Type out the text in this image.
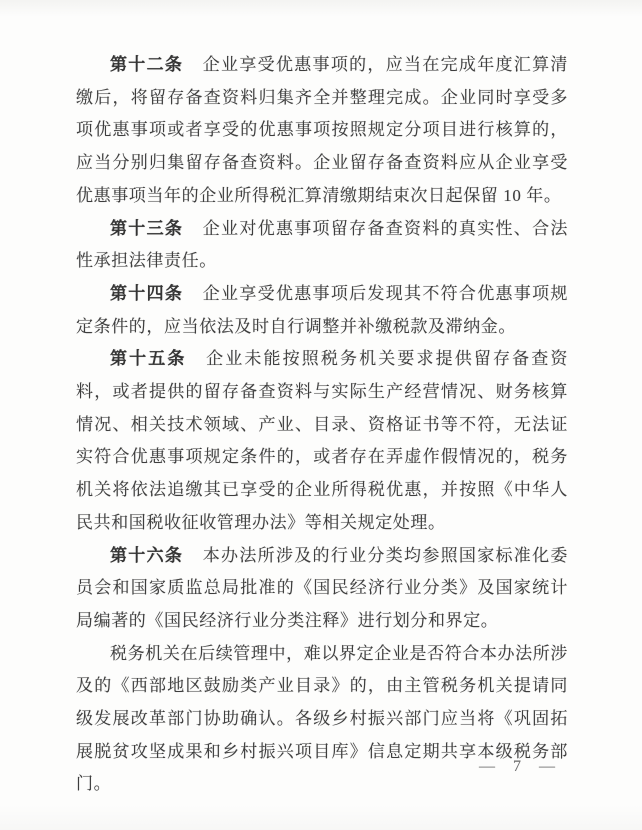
第十二条 企业享受优惠事项的，应当在完成年度汇算清缴后，将留存备查资料归集齐全并整理完成。企业同时享受多项优惠事项或者享受的优惠事项按照规定分项目进行核算的，应当分别归集留存备查资料。企业留存备查资料应从企业享受优惠事项当年的企业所得税汇算清缴期结束次日起保留 10 年。

第十三条 企业对优惠事项留存备查资料的真实性、合法性承担法律责任。

第十四条 企业享受优惠事项后发现其不符合优惠事项规定条件的，应当依法及时自行调整并补缴税款及滞纳金。

第十五条 企业未能按照税务机关要求提供留存备查资料，或者提供的留存备查资料与实际生产经营情况、财务核算情况、相关技术领域、产业、目录、资格证书等不符，无法证实符合优惠事项规定条件的，或者存在弄虚作假情况的，税务机关将依法追缴其已享受的企业所得税优惠，并按照《中华人民共和国税收征收管理办法》等相关规定处理。

第十六条 本办法所涉及的行业分类均参照国家标准化委员会和国家质监总局批准的《国民经济行业分类》及国家统计局编著的《国民经济行业分类注释》进行划分和界定。

税务机关在后续管理中，难以界定企业是否符合本办法所涉及的《西部地区鼓励类产业目录》的，由主管税务机关提请同级发展改革部门协助确认。各级乡村振兴部门应当将《巩固拓展脱贫攻坚成果和乡村振兴项目库》信息定期共享本级税务部门。

— 7 —
